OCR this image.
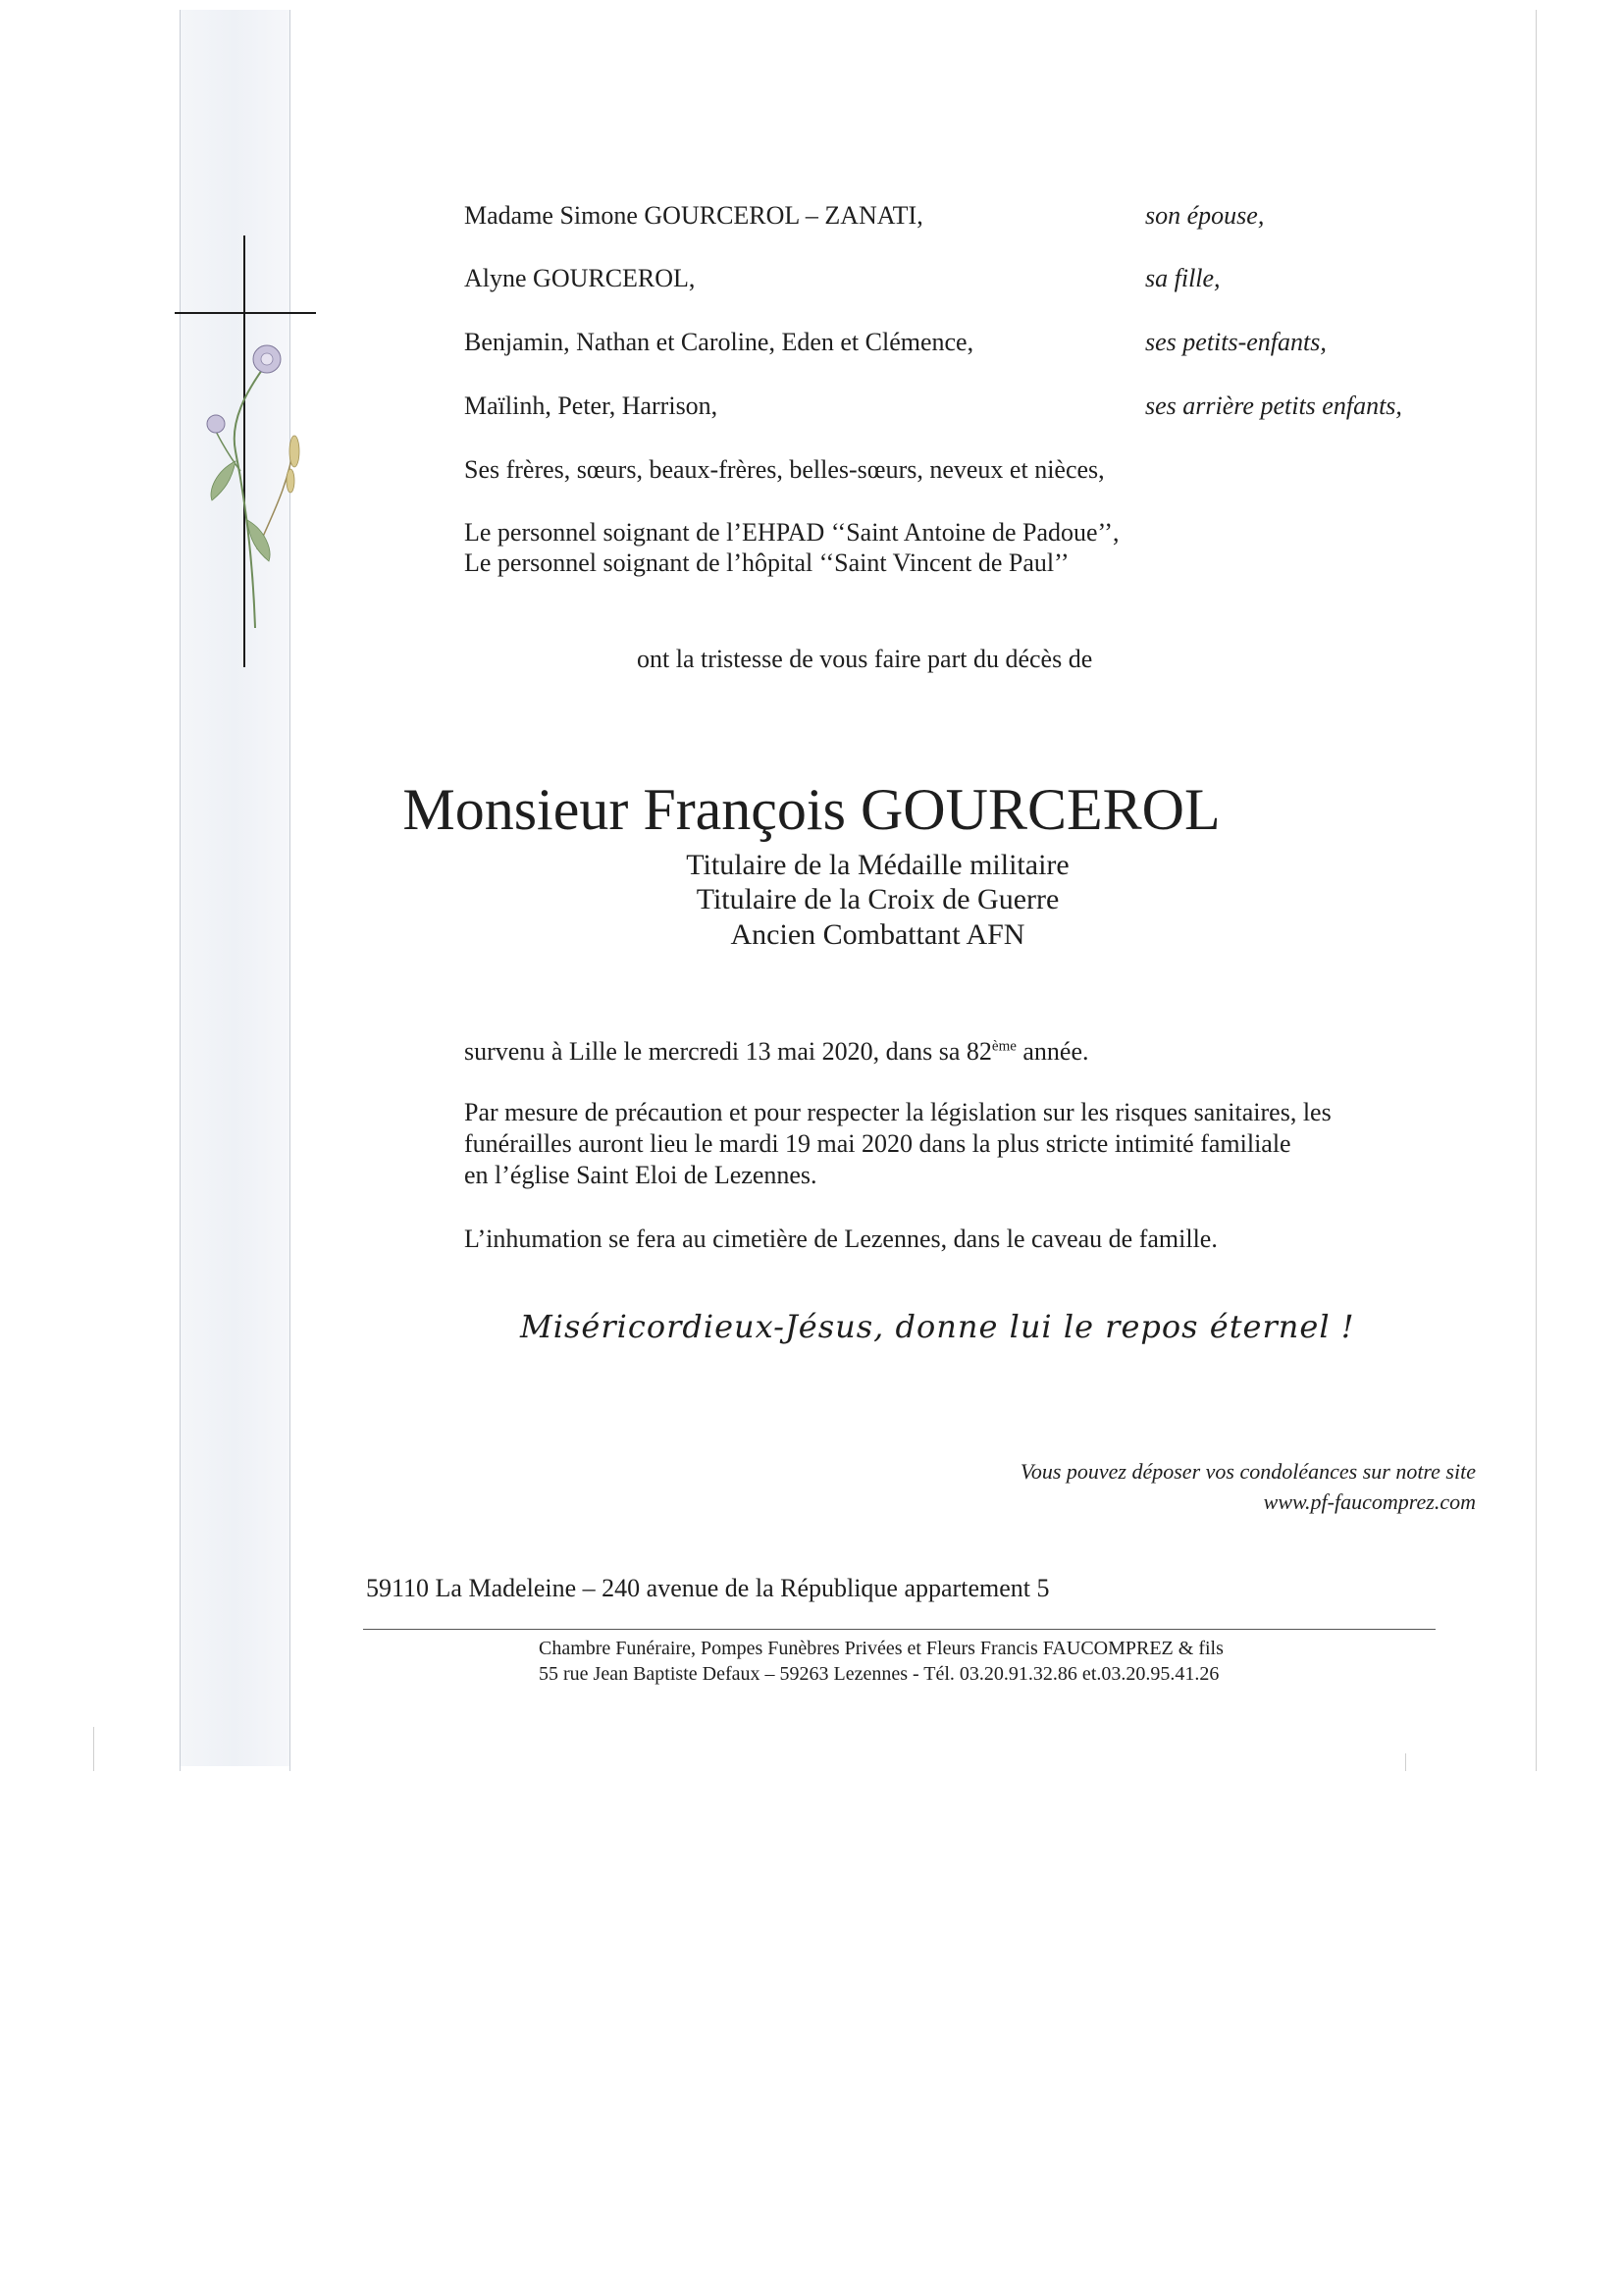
Madame Simone GOURCEROL – ZANATI,	son épouse,
Alyne GOURCEROL,	sa fille,
Benjamin, Nathan et Caroline, Eden et Clémence,	ses petits-enfants,
Maïlinh, Peter, Harrison,	ses arrière petits enfants,
Ses frères, sœurs, beaux-frères, belles-sœurs, neveux et nièces,
Le personnel soignant de l’EHPAD ‘‘Saint Antoine de Padoue’’,
Le personnel soignant de l’hôpital ‘‘Saint Vincent de Paul’’
ont la tristesse de vous faire part du décès de
Monsieur François GOURCEROL
Titulaire de la Médaille militaire
Titulaire de la Croix de Guerre
Ancien Combattant AFN
survenu à Lille le mercredi 13 mai 2020, dans sa 82ème année.
Par mesure de précaution et pour respecter la législation sur les risques sanitaires, les
funérailles auront lieu le mardi 19 mai 2020 dans la plus stricte intimité familiale
en l’église Saint Eloi de Lezennes.
L’inhumation se fera au cimetière de Lezennes, dans le caveau de famille.
Miséricordieux-Jésus, donne lui le repos éternel !
Vous pouvez déposer vos condoléances sur notre site
www.pf-faucomprez.com
59110 La Madeleine – 240 avenue de la République appartement 5
Chambre Funéraire, Pompes Funèbres Privées et Fleurs Francis FAUCOMPREZ & fils
55 rue Jean Baptiste Defaux – 59263 Lezennes - Tél. 03.20.91.32.86 et.03.20.95.41.26
